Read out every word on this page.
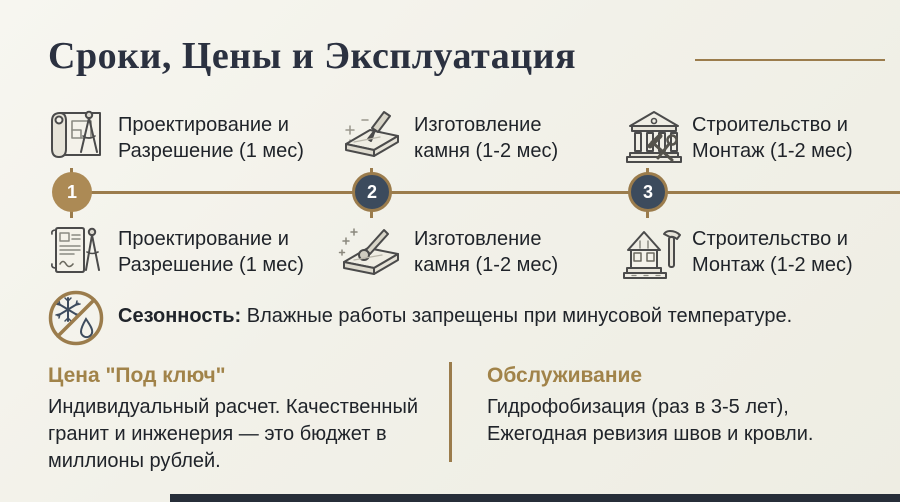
Сроки, Цены и Эксплуатация
Проектирование и
Разрешение (1 мес)
Изготовление
камня (1-2 мес)
Строительство и
Монтаж (1-2 мес)
1	2	3
Проектирование и
Разрешение (1 мес)
Изготовление
камня (1-2 мес)
Строительство и
Монтаж (1-2 мес)
Сезонность: Влажные работы запрещены при минусовой температуре.
Цена "Под ключ"
Индивидуальный расчет. Качественный гранит и инженерия — это бюджет в миллионы рублей.
Обслуживание
Гидрофобизация (раз в 3-5 лет),
Ежегодная ревизия швов и кровли.
